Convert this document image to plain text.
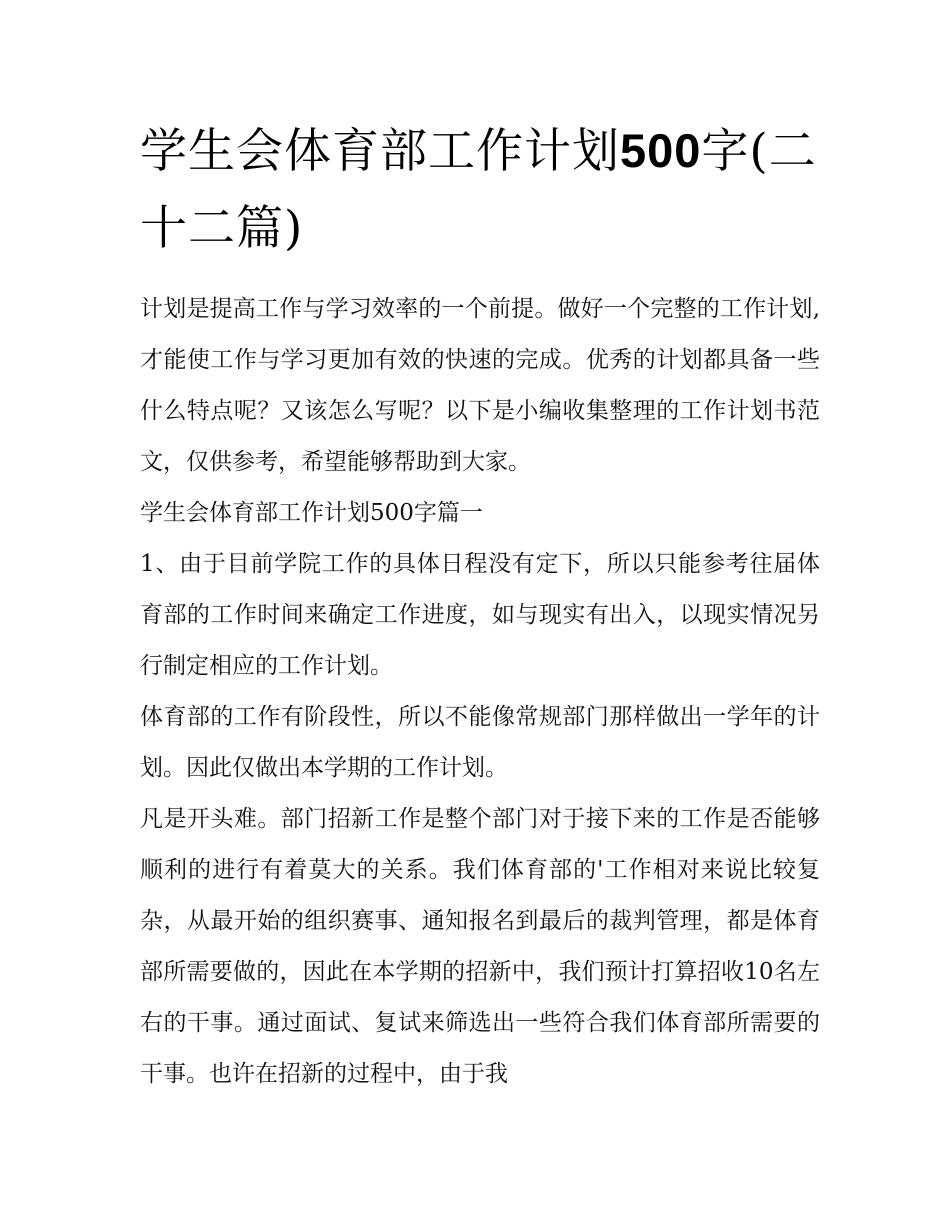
学生会体育部工作计划500字(二十二篇)

计划是提高工作与学习效率的一个前提。做好一个完整的工作计划,才能使工作与学习更加有效的快速的完成。优秀的计划都具备一些什么特点呢？又该怎么写呢？以下是小编收集整理的工作计划书范文，仅供参考，希望能够帮助到大家。

学生会体育部工作计划500字篇一

1、由于目前学院工作的具体日程没有定下，所以只能参考往届体育部的工作时间来确定工作进度，如与现实有出入，以现实情况另行制定相应的工作计划。

体育部的工作有阶段性，所以不能像常规部门那样做出一学年的计划。因此仅做出本学期的工作计划。

凡是开头难。部门招新工作是整个部门对于接下来的工作是否能够顺利的进行有着莫大的关系。我们体育部的'工作相对来说比较复杂，从最开始的组织赛事、通知报名到最后的裁判管理，都是体育部所需要做的，因此在本学期的招新中，我们预计打算招收10名左右的干事。通过面试、复试来筛选出一些符合我们体育部所需要的干事。也许在招新的过程中，由于我
